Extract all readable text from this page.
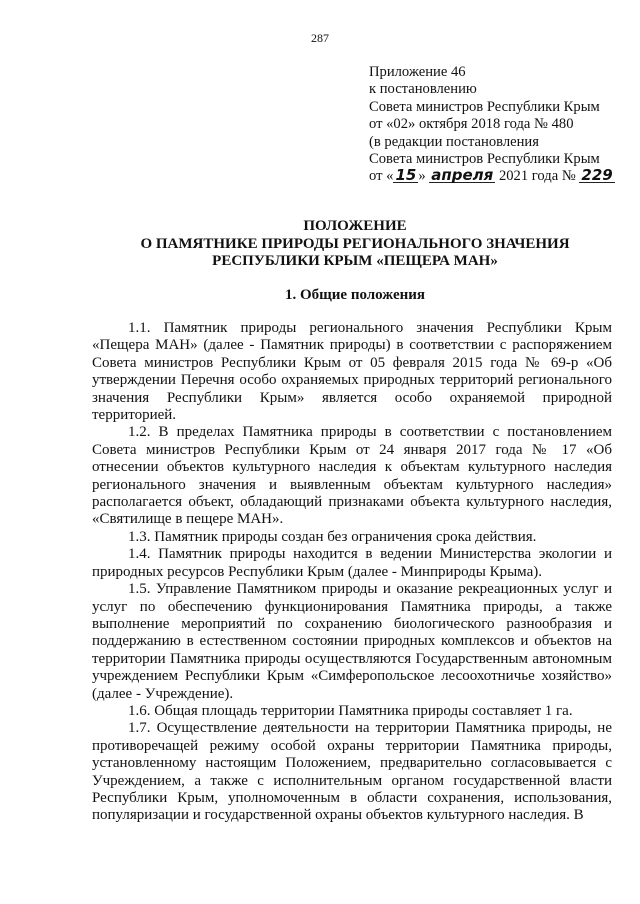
287
Приложение 46
к постановлению
Совета министров Республики Крым
от «02» октября 2018 года № 480
(в редакции постановления
Совета министров Республики Крым
от « 15 » апреля 2021 года № 229
ПОЛОЖЕНИЕ
О ПАМЯТНИКЕ ПРИРОДЫ РЕГИОНАЛЬНОГО ЗНАЧЕНИЯ
РЕСПУБЛИКИ КРЫМ «ПЕЩЕРА МАН»
1. Общие положения

1.1. Памятник природы регионального значения Республики Крым «Пещера МАН» (далее - Памятник природы) в соответствии с распоряжением Совета министров Республики Крым от 05 февраля 2015 года № 69-р «Об утверждении Перечня особо охраняемых природных территорий регионального значения Республики Крым» является особо охраняемой природной территорией.

1.2. В пределах Памятника природы в соответствии с постановлением Совета министров Республики Крым от 24 января 2017 года № 17 «Об отнесении объектов культурного наследия к объектам культурного наследия регионального значения и выявленным объектам культурного наследия» располагается объект, обладающий признаками объекта культурного наследия, «Святилище в пещере МАН».

1.3. Памятник природы создан без ограничения срока действия.

1.4. Памятник природы находится в ведении Министерства экологии и природных ресурсов Республики Крым (далее - Минприроды Крыма).

1.5. Управление Памятником природы и оказание рекреационных услуг и услуг по обеспечению функционирования Памятника природы, а также выполнение мероприятий по сохранению биологического разнообразия и поддержанию в естественном состоянии природных комплексов и объектов на территории Памятника природы осуществляются Государственным автономным учреждением Республики Крым «Симферопольское лесоохотничье хозяйство» (далее - Учреждение).

1.6. Общая площадь территории Памятника природы составляет 1 га.

1.7. Осуществление деятельности на территории Памятника природы, не противоречащей режиму особой охраны территории Памятника природы, установленному настоящим Положением, предварительно согласовывается с Учреждением, а также с исполнительным органом государственной власти Республики Крым, уполномоченным в области сохранения, использования, популяризации и государственной охраны объектов культурного наследия. В
